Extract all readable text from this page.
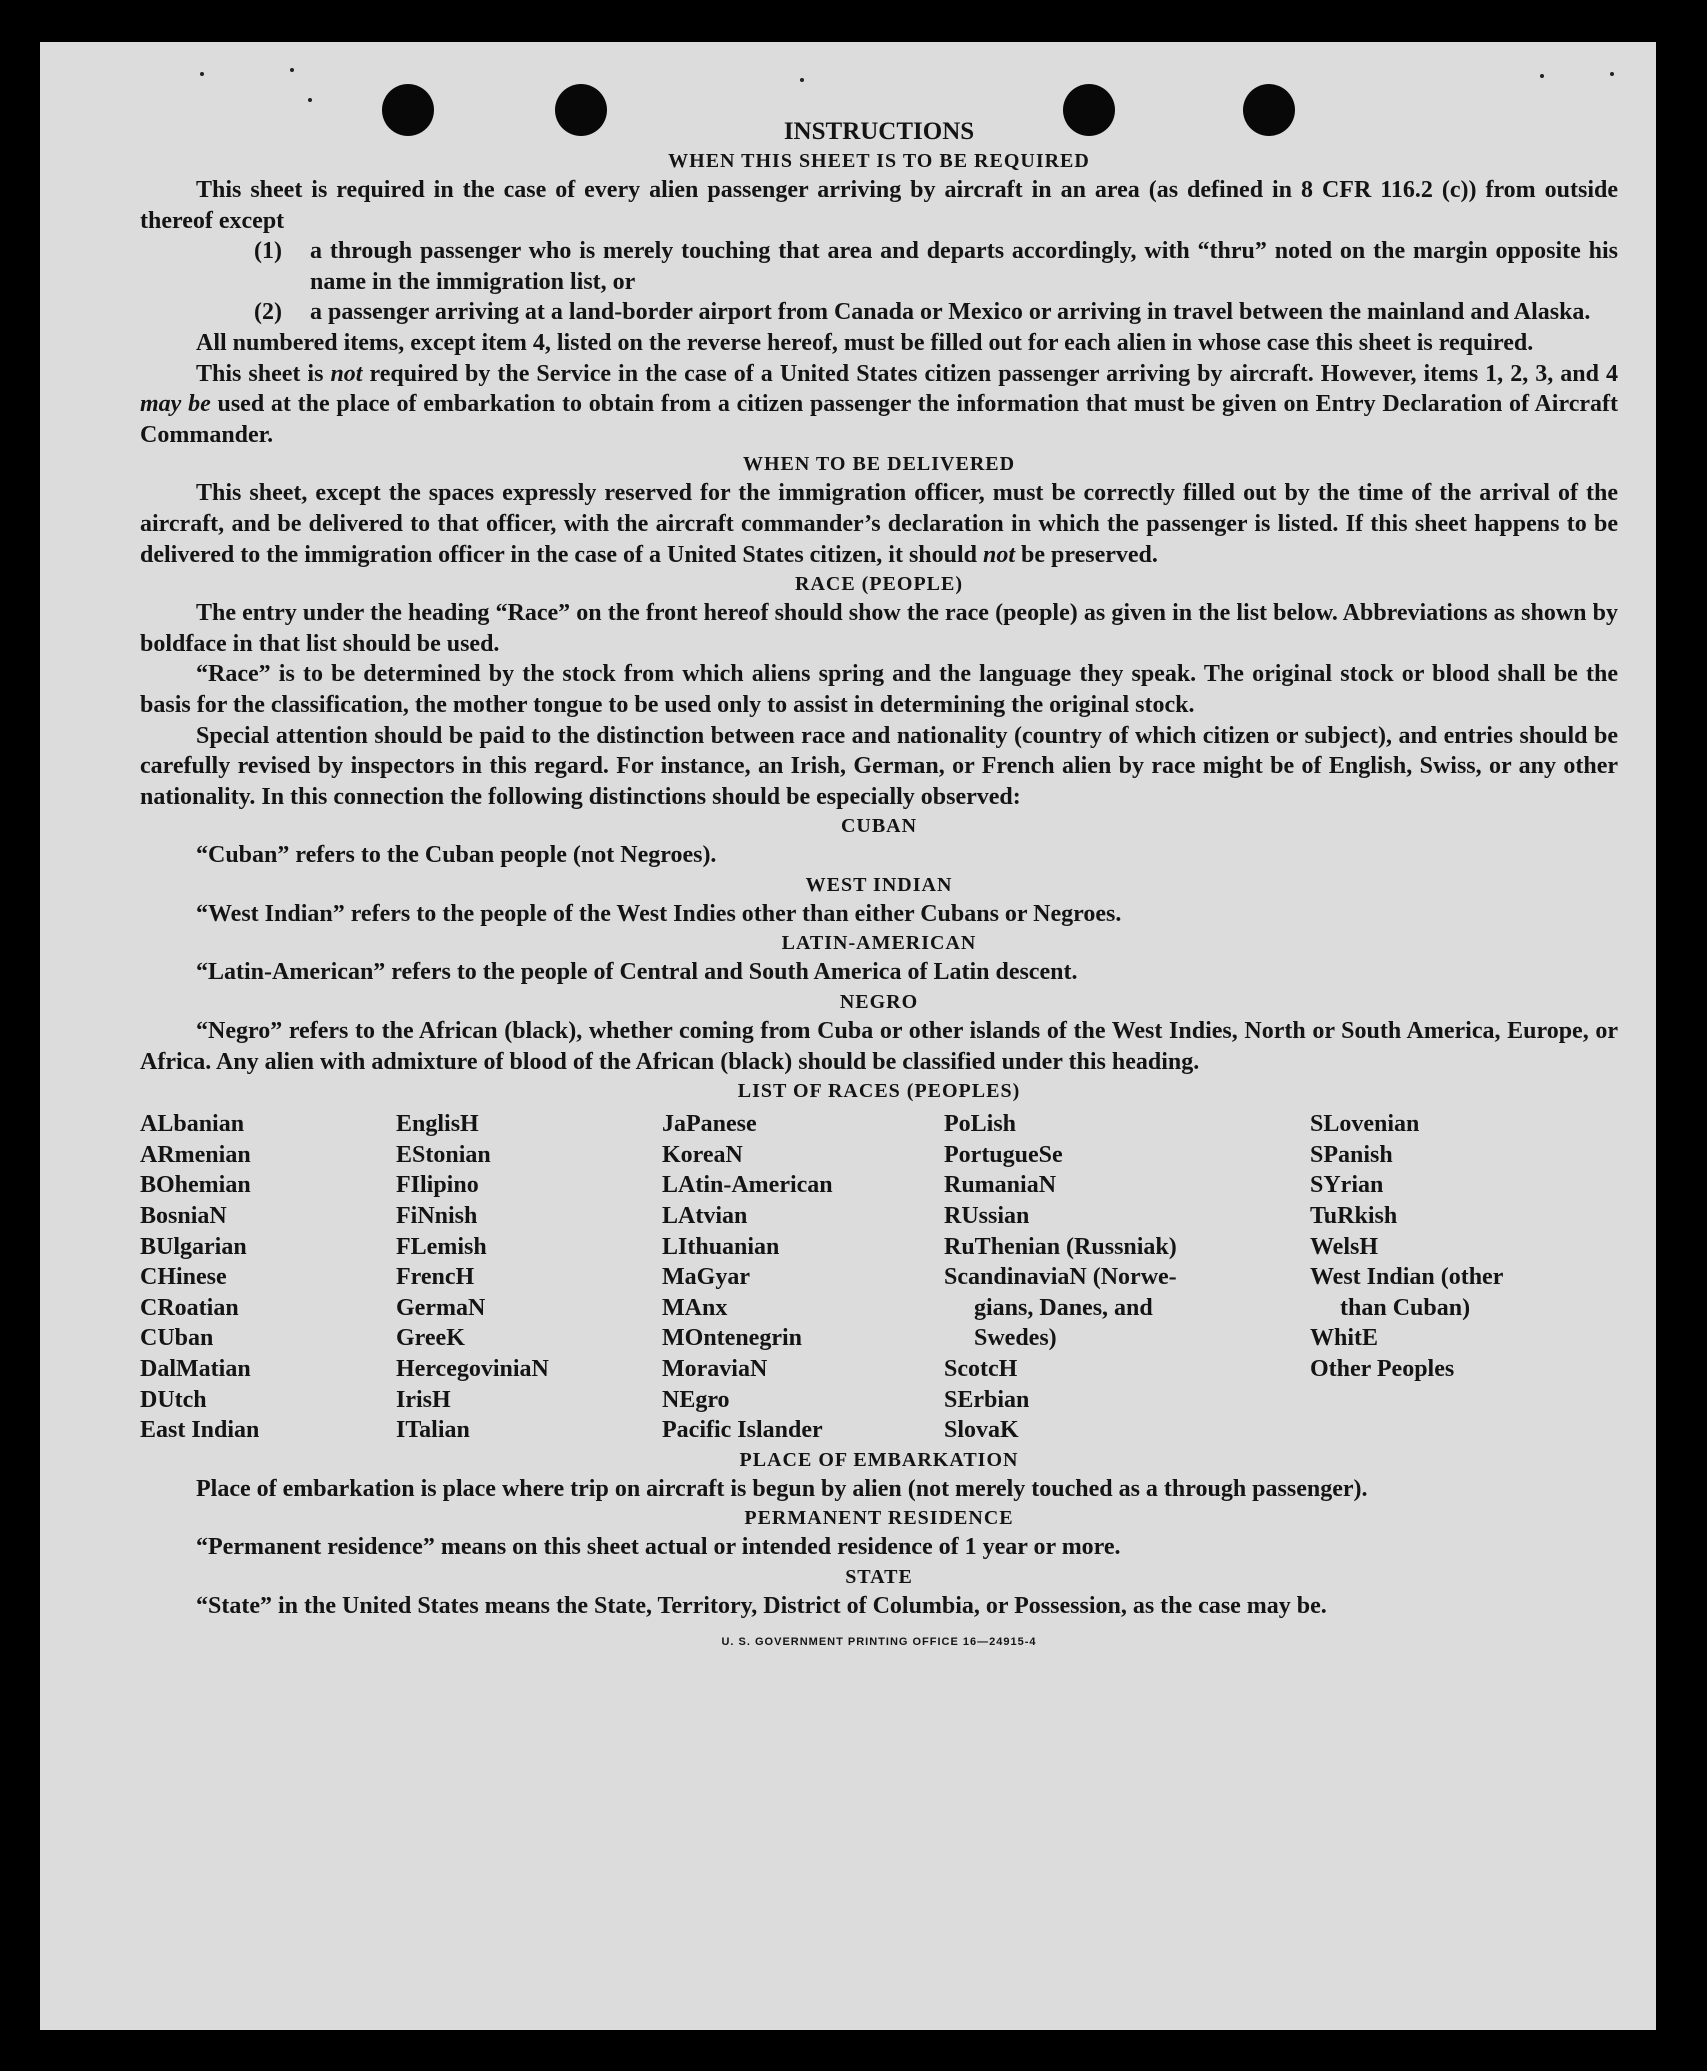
INSTRUCTIONS
WHEN THIS SHEET IS TO BE REQUIRED

This sheet is required in the case of every alien passenger arriving by aircraft in an area (as defined in 8 CFR 116.2 (c)) from outside thereof except

(1)	a through passenger who is merely touching that area and departs accordingly, with “thru” noted on the margin opposite his name in the immigration list, or

(2)	a passenger arriving at a land-border airport from Canada or Mexico or arriving in travel between the mainland and Alaska.

All numbered items, except item 4, listed on the reverse hereof, must be filled out for each alien in whose case this sheet is required.

This sheet is not required by the Service in the case of a United States citizen passenger arriving by aircraft. However, items 1, 2, 3, and 4 may be used at the place of embarkation to obtain from a citizen passenger the information that must be given on Entry Declaration of Aircraft Commander.

WHEN TO BE DELIVERED

This sheet, except the spaces expressly reserved for the immigration officer, must be correctly filled out by the time of the arrival of the aircraft, and be delivered to that officer, with the aircraft commander’s declaration in which the passenger is listed. If this sheet happens to be delivered to the immigration officer in the case of a United States citizen, it should not be preserved.

RACE (PEOPLE)

The entry under the heading “Race” on the front hereof should show the race (people) as given in the list below. Abbreviations as shown by boldface in that list should be used.

“Race” is to be determined by the stock from which aliens spring and the language they speak. The original stock or blood shall be the basis for the classification, the mother tongue to be used only to assist in determining the original stock.

Special attention should be paid to the distinction between race and nationality (country of which citizen or subject), and entries should be carefully revised by inspectors in this regard. For instance, an Irish, German, or French alien by race might be of English, Swiss, or any other nationality. In this connection the following distinctions should be especially observed:

CUBAN

“Cuban” refers to the Cuban people (not Negroes).

WEST INDIAN

“West Indian” refers to the people of the West Indies other than either Cubans or Negroes.

LATIN-AMERICAN

“Latin-American” refers to the people of Central and South America of Latin descent.

NEGRO

“Negro” refers to the African (black), whether coming from Cuba or other islands of the West Indies, North or South America, Europe, or Africa. Any alien with admixture of blood of the African (black) should be classified under this heading.

LIST OF RACES (PEOPLES)
ALbanian
ARmenian
BOhemian
BosniaN
BUlgarian
CHinese
CRoatian
CUban
DalMatian
DUtch
East Indian
EnglisH
EStonian
FIlipino
FiNnish
FLemish
FrencH
GermaN
GreeK
HercegoviniaN
IrisH
ITalian
JaPanese
KoreaN
LAtin-American
LAtvian
LIthuanian
MaGyar
MAnx
MOntenegrin
MoraviaN
NEgro
Pacific Islander
PoLish
PortugueSe
RumaniaN
RUssian
RuThenian (Russniak)
ScandinaviaN (Norwe-
gians, Danes, and
Swedes)
ScotcH
SErbian
SlovaK
SLovenian
SPanish
SYrian
TuRkish
WelsH
West Indian (other
than Cuban)
WhitE
Other Peoples
PLACE OF EMBARKATION

Place of embarkation is place where trip on aircraft is begun by alien (not merely touched as a through passenger).

PERMANENT RESIDENCE

“Permanent residence” means on this sheet actual or intended residence of 1 year or more.

STATE

“State” in the United States means the State, Territory, District of Columbia, or Possession, as the case may be.

U. S. GOVERNMENT PRINTING OFFICE 16—24915-4
